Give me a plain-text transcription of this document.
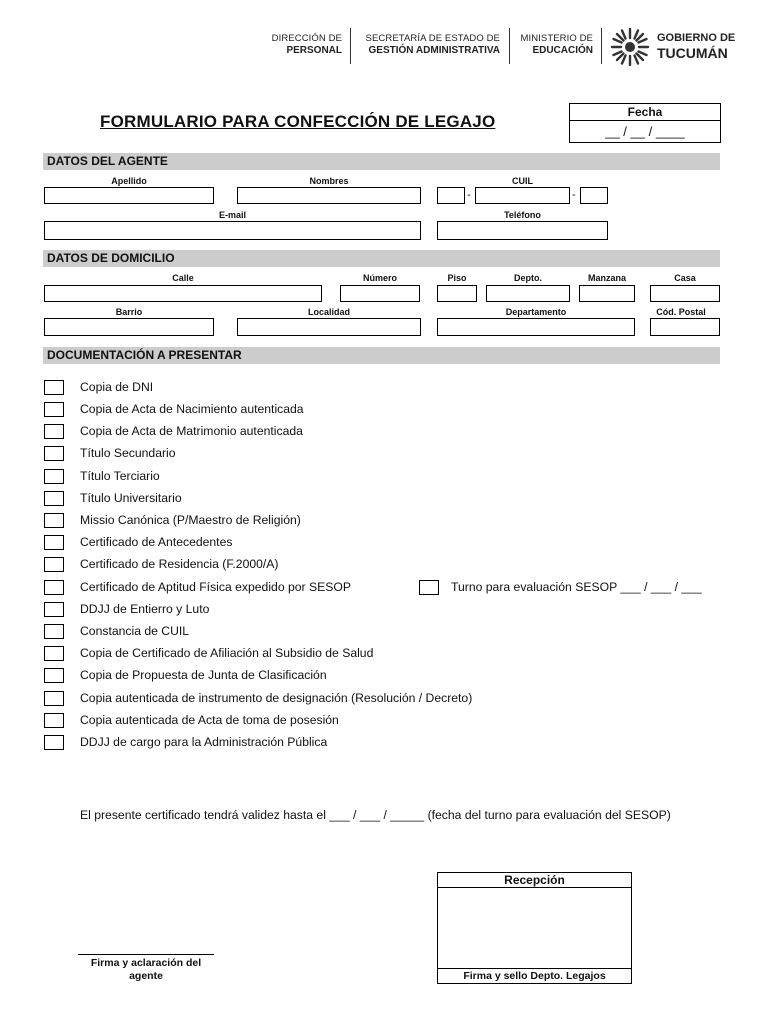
DIRECCIÓN DE
PERSONAL
SECRETARÍA DE ESTADO DE
GESTIÓN ADMINISTRATIVA
MINISTERIO DE
EDUCACIÓN
GOBIERNO DE
TUCUMÁN
FORMULARIO PARA CONFECCIÓN DE LEGAJO	Fecha
__ / __ / ____
DATOS DEL AGENTE
Apellido	Nombres	CUIL
-	-
E-mail	Teléfono
DATOS DE DOMICILIO
Calle	Número	Piso	Depto.	Manzana	Casa
Barrio	Localidad	Departamento	Cód. Postal
DOCUMENTACIÓN A PRESENTAR
Copia de DNI
Copia de Acta de Nacimiento autenticada
Copia de Acta de Matrimonio autenticada
Título Secundario
Título Terciario
Título Universitario
Missio Canónica (P/Maestro de Religión)
Certificado de Antecedentes
Certificado de Residencia (F.2000/A)
Certificado de Aptitud Física expedido por SESOP	Turno para evaluación SESOP ___ / ___ / ___
DDJJ de Entierro y Luto
Constancia de CUIL
Copia de Certificado de Afiliación al Subsidio de Salud
Copia de Propuesta de Junta de Clasificación
Copia autenticada de instrumento de designación (Resolución / Decreto)
Copia autenticada de Acta de toma de posesión
DDJJ de cargo para la Administración Pública
El presente certificado tendrá validez hasta el ___ / ___ / _____ (fecha del turno para evaluación del SESOP)
Recepción
Firma y sello Depto. Legajos
Firma y aclaración del
agente
